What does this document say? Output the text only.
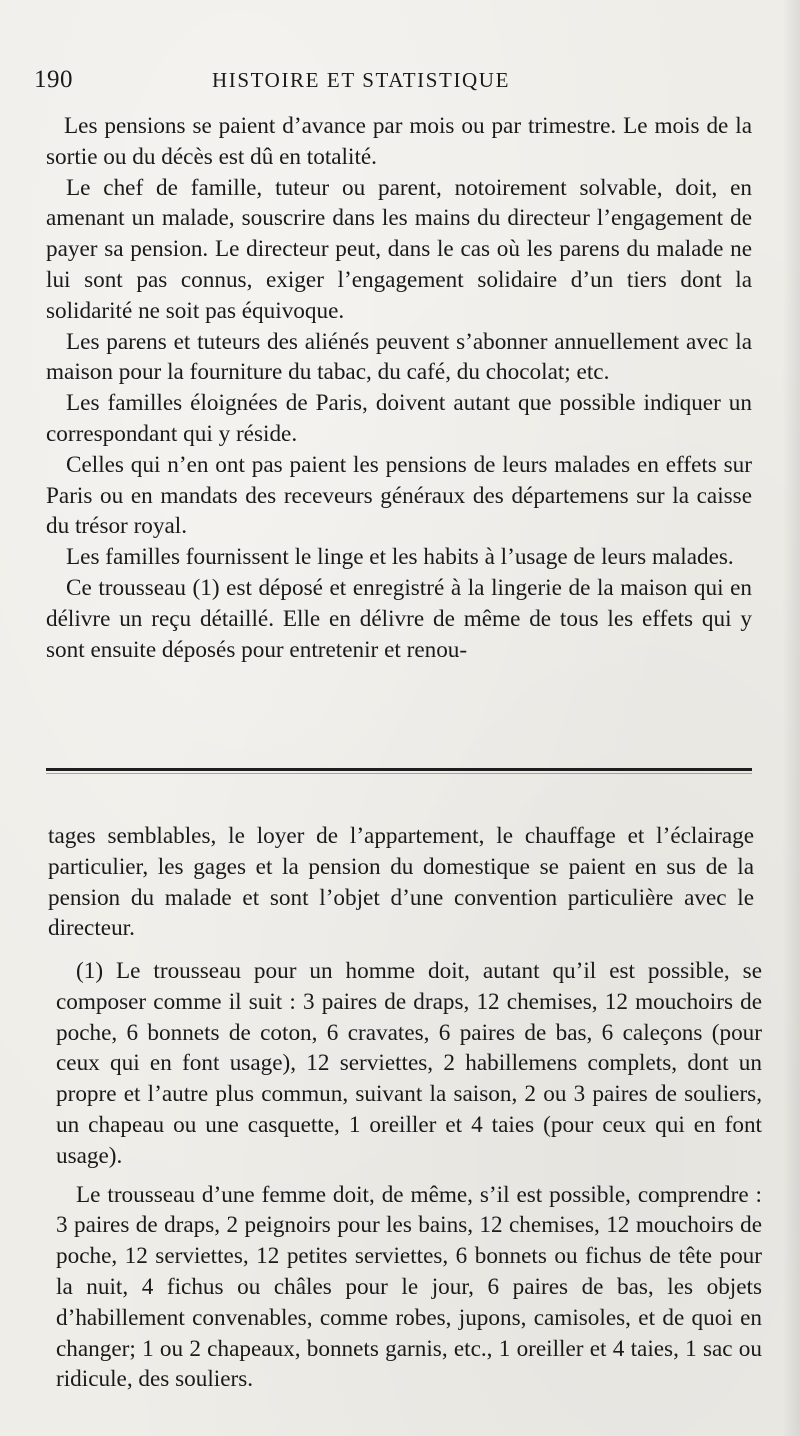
190	HISTOIRE ET STATISTIQUE

Les pensions se paient d’avance par mois ou par trimestre. Le mois de la sortie ou du décès est dû en totalité.

Le chef de famille, tuteur ou parent, notoirement solvable, doit, en amenant un malade, souscrire dans les mains du directeur l’engagement de payer sa pension. Le directeur peut, dans le cas où les parens du malade ne lui sont pas connus, exiger l’engagement solidaire d’un tiers dont la solidarité ne soit pas équivoque.

Les parens et tuteurs des aliénés peuvent s’abonner annuellement avec la maison pour la fourniture du tabac, du café, du chocolat; etc.

Les familles éloignées de Paris, doivent autant que possible indiquer un correspondant qui y réside.

Celles qui n’en ont pas paient les pensions de leurs malades en effets sur Paris ou en mandats des receveurs généraux des départemens sur la caisse du trésor royal.

Les familles fournissent le linge et les habits à l’usage de leurs malades.

Ce trousseau (1) est déposé et enregistré à la lingerie de la maison qui en délivre un reçu détaillé. Elle en délivre de même de tous les effets qui y sont ensuite déposés pour entretenir et renou-

tages semblables, le loyer de l’appartement, le chauffage et l’éclairage particulier, les gages et la pension du domestique se paient en sus de la pension du malade et sont l’objet d’une convention particulière avec le directeur.

(1) Le trousseau pour un homme doit, autant qu’il est possible, se composer comme il suit : 3 paires de draps, 12 chemises, 12 mouchoirs de poche, 6 bonnets de coton, 6 cravates, 6 paires de bas, 6 caleçons (pour ceux qui en font usage), 12 serviettes, 2 habillemens complets, dont un propre et l’autre plus commun, suivant la saison, 2 ou 3 paires de souliers, un chapeau ou une casquette, 1 oreiller et 4 taies (pour ceux qui en font usage).

Le trousseau d’une femme doit, de même, s’il est possible, comprendre : 3 paires de draps, 2 peignoirs pour les bains, 12 chemises, 12 mouchoirs de poche, 12 serviettes, 12 petites serviettes, 6 bonnets ou fichus de tête pour la nuit, 4 fichus ou châles pour le jour, 6 paires de bas, les objets d’habillement convenables, comme robes, jupons, camisoles, et de quoi en changer; 1 ou 2 chapeaux, bonnets garnis, etc., 1 oreiller et 4 taies, 1 sac ou ridicule, des souliers.
